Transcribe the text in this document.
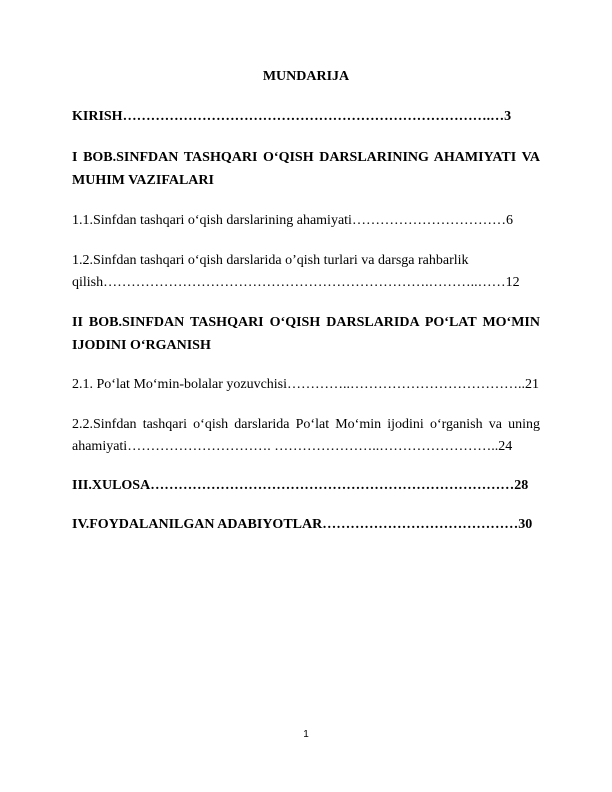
MUNDARIJA

KIRISH…………………………………………………………………….…3

I BOB.SINFDAN TASHQARI O‘QISH DARSLARINING AHAMIYATI VA

MUHIM VAZIFALARI

1.1.Sinfdan tashqari o‘qish darslarining ahamiyati……………………………6

1.2.Sinfdan tashqari o‘qish darslarida o’qish turlari va darsga rahbarlik

qilish…………………………………………………………….………..……12

II BOB.SINFDAN TASHQARI O‘QISH DARSLARIDA PO‘LAT MO‘MIN

IJODINI O‘RGANISH

2.1. Po‘lat Mo‘min-bolalar yozuvchisi…………..………………………………..21

2.2.Sinfdan tashqari o‘qish darslarida Po‘lat Mo‘min ijodini o‘rganish va uning

ahamiyati…………………………. …………………..……………………..24

III.XULOSA……………………………………………………………………28

IV.FOYDALANILGAN ADABIYOTLAR……………………………………30

1
